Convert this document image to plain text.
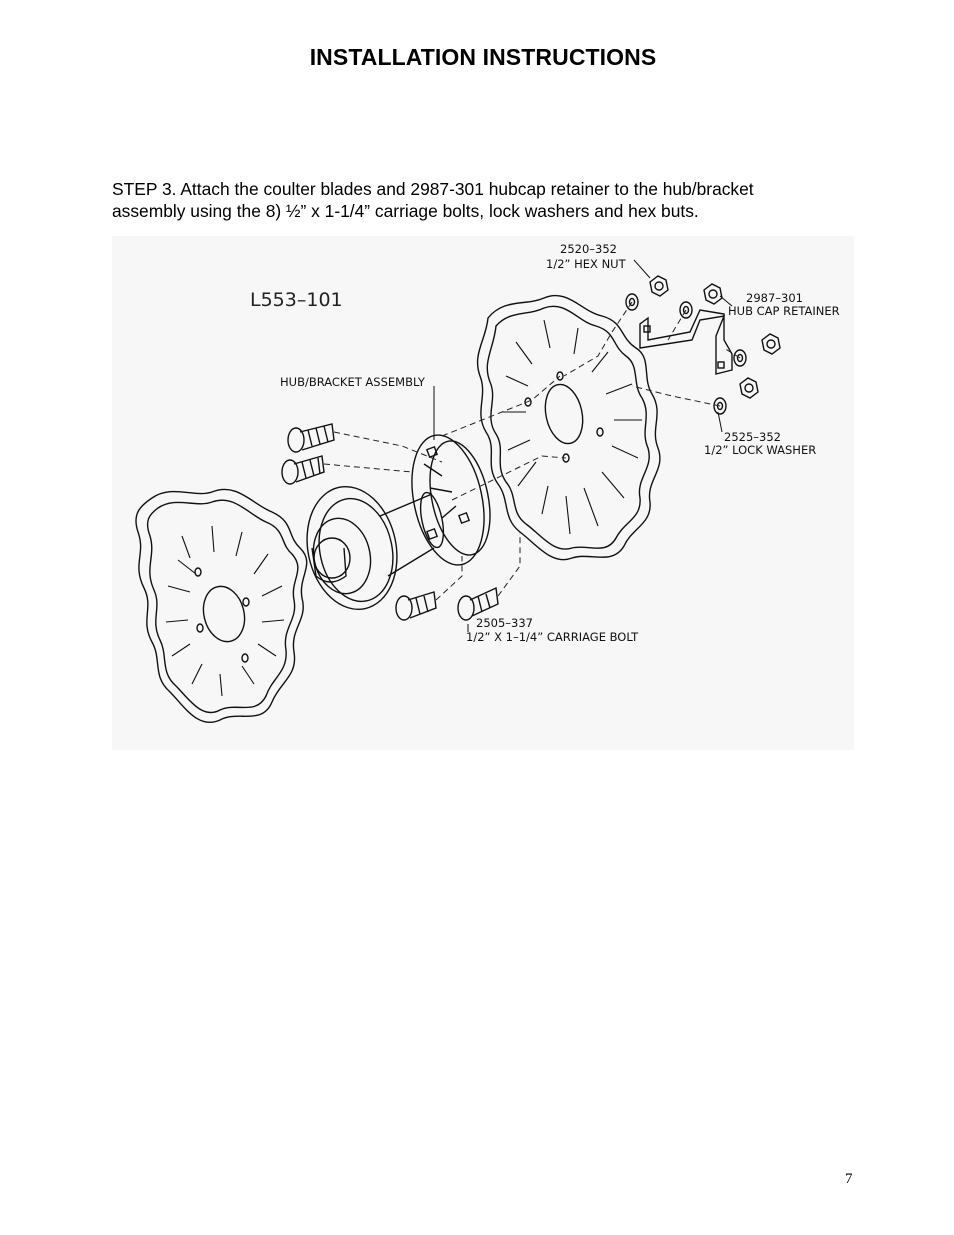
INSTALLATION INSTRUCTIONS

STEP 3. Attach the coulter blades and 2987-301 hubcap retainer to the hub/bracket

assembly using the 8) ½” x 1-1/4” carriage bolts, lock washers and hex buts.

L553–101
2520–352
1/2” HEX NUT
2987–301
HUB CAP RETAINER
HUB/BRACKET ASSEMBLY
2525–352
1/2” LOCK WASHER
2505–337
1/2” X 1–1/4” CARRIAGE BOLT
7
